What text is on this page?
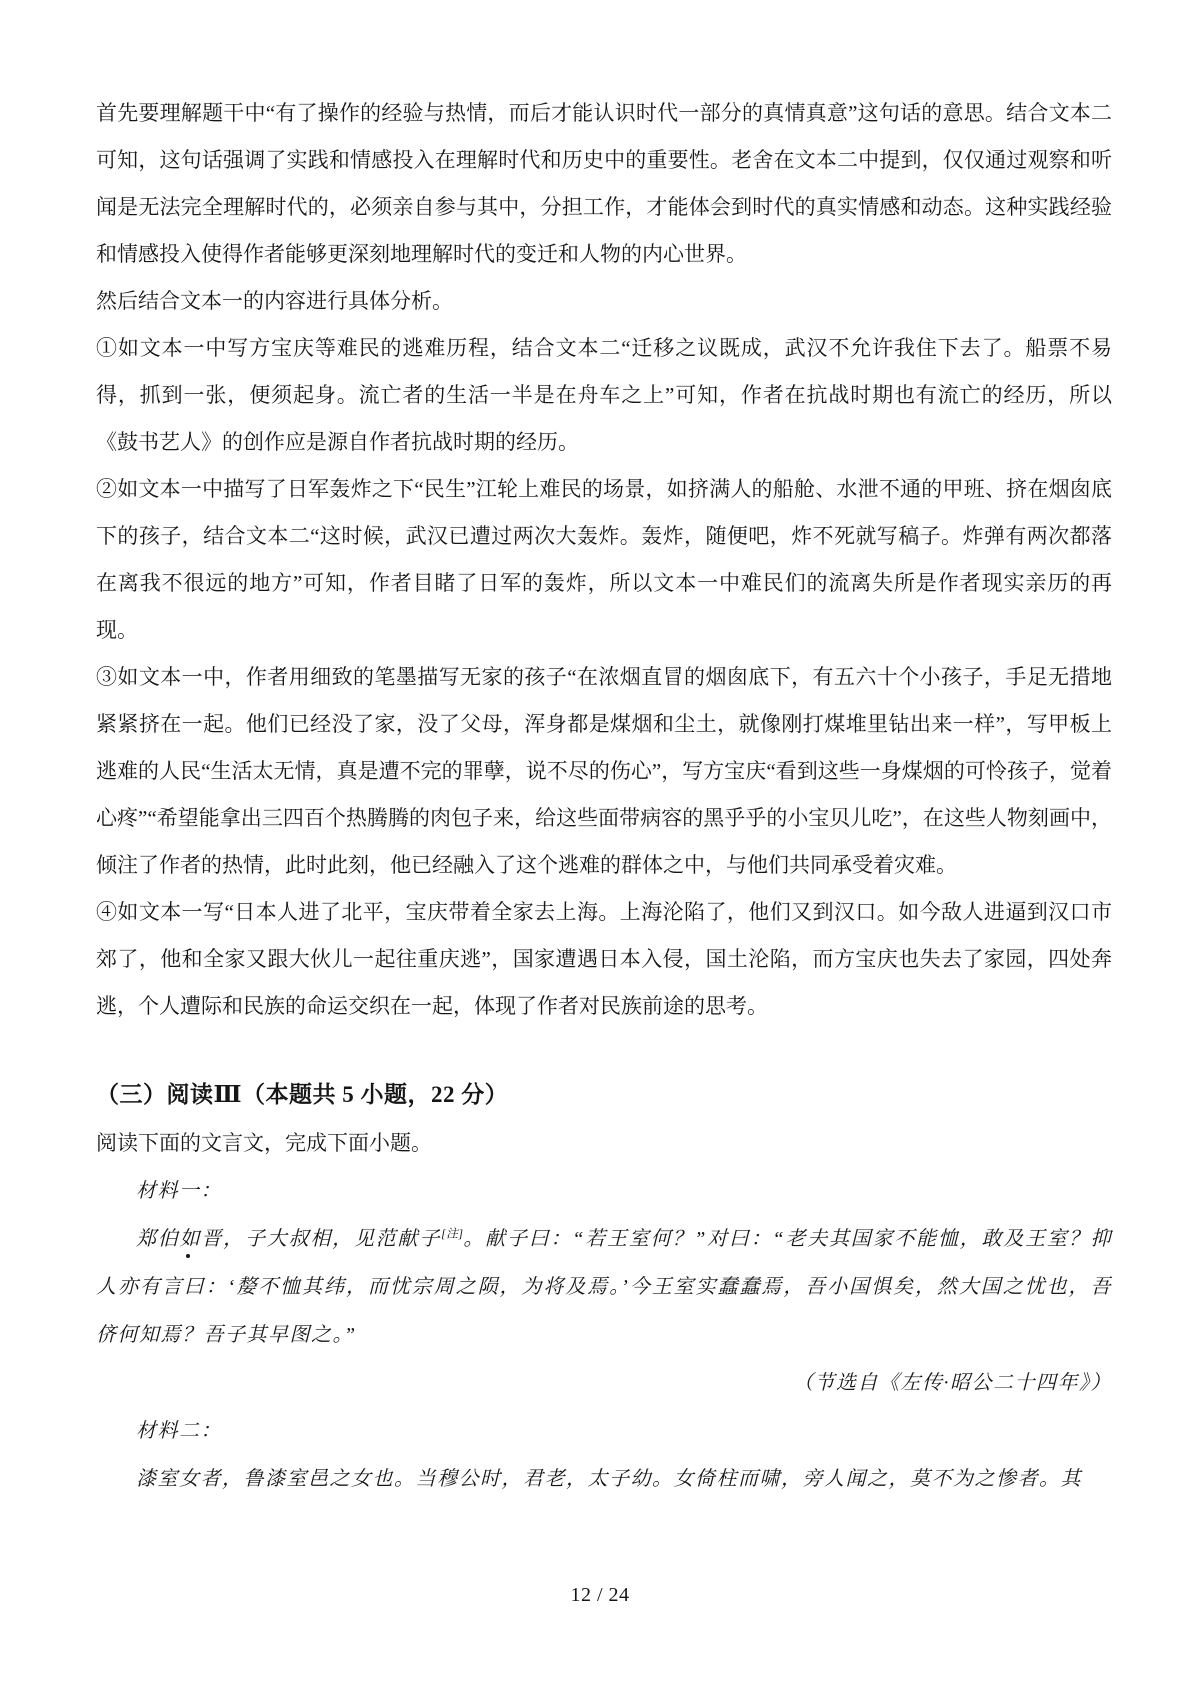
首先要理解题干中“有了操作的经验与热情，而后才能认识时代一部分的真情真意”这句话的意思。结合文本二可知，这句话强调了实践和情感投入在理解时代和历史中的重要性。老舍在文本二中提到，仅仅通过观察和听闻是无法完全理解时代的，必须亲自参与其中，分担工作，才能体会到时代的真实情感和动态。这种实践经验和情感投入使得作者能够更深刻地理解时代的变迁和人物的内心世界。

然后结合文本一的内容进行具体分析。

①如文本一中写方宝庆等难民的逃难历程，结合文本二“迁移之议既成，武汉不允许我住下去了。船票不易得，抓到一张，便须起身。流亡者的生活一半是在舟车之上”可知，作者在抗战时期也有流亡的经历，所以《鼓书艺人》的创作应是源自作者抗战时期的经历。

②如文本一中描写了日军轰炸之下“民生”江轮上难民的场景，如挤满人的船舱、水泄不通的甲班、挤在烟囱底下的孩子，结合文本二“这时候，武汉已遭过两次大轰炸。轰炸，随便吧，炸不死就写稿子。炸弹有两次都落在离我不很远的地方”可知，作者目睹了日军的轰炸，所以文本一中难民们的流离失所是作者现实亲历的再现。

③如文本一中，作者用细致的笔墨描写无家的孩子“在浓烟直冒的烟囱底下，有五六十个小孩子，手足无措地紧紧挤在一起。他们已经没了家，没了父母，浑身都是煤烟和尘土，就像刚打煤堆里钻出来一样”，写甲板上逃难的人民“生活太无情，真是遭不完的罪孽，说不尽的伤心”，写方宝庆“看到这些一身煤烟的可怜孩子，觉着心疼”“希望能拿出三四百个热腾腾的肉包子来，给这些面带病容的黑乎乎的小宝贝儿吃”，在这些人物刻画中，倾注了作者的热情，此时此刻，他已经融入了这个逃难的群体之中，与他们共同承受着灾难。

④如文本一写“日本人进了北平，宝庆带着全家去上海。上海沦陷了，他们又到汉口。如今敌人进逼到汉口市郊了，他和全家又跟大伙儿一起往重庆逃”，国家遭遇日本入侵，国土沦陷，而方宝庆也失去了家园，四处奔逃，个人遭际和民族的命运交织在一起，体现了作者对民族前途的思考。

（三）阅读Ⅲ（本题共 5 小题，22 分）

阅读下面的文言文，完成下面小题。

材料一：

郑伯如晋，子大叔相，见范献子[注]。献子曰：“若王室何？”对曰：“老夫其国家不能恤，敢及王室？抑人亦有言曰：‘嫠不恤其纬，而忧宗周之陨，为将及焉。’今王室实蠢蠢焉，吾小国惧矣，然大国之忧也，吾侪何知焉？吾子其早图之。”

（节选自《左传·昭公二十四年》）

材料二：

漆室女者，鲁漆室邑之女也。当穆公时，君老，太子幼。女倚柱而啸，旁人闻之，莫不为之惨者。其

12 / 24
